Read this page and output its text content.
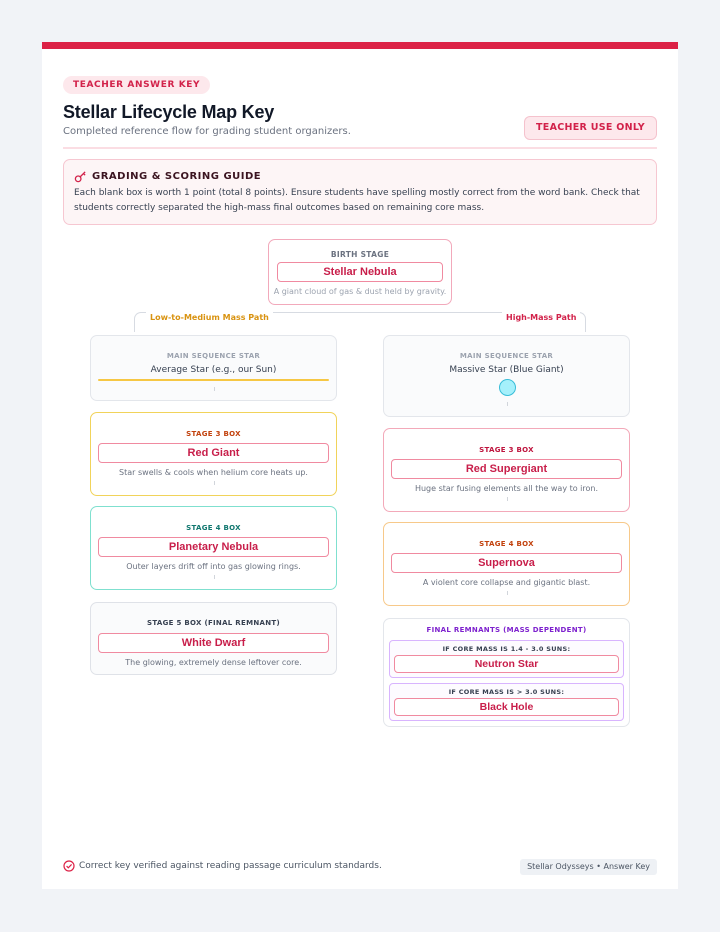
TEACHER ANSWER KEY
Stellar Lifecycle Map Key
Completed reference flow for grading student organizers.	TEACHER USE ONLY
GRADING & SCORING GUIDE
Each blank box is worth 1 point (total 8 points). Ensure students have spelling mostly correct from the word bank. Check that students correctly separated the high-mass final outcomes based on remaining core mass.
BIRTH STAGE
Stellar Nebula
A giant cloud of gas & dust held by gravity.
Low-to-Medium Mass Path	High-Mass Path
MAIN SEQUENCE STAR
Average Star (e.g., our Sun)
STAGE 3 BOX
Red Giant
Star swells & cools when helium core heats up.
STAGE 4 BOX
Planetary Nebula
Outer layers drift off into gas glowing rings.
STAGE 5 BOX (FINAL REMNANT)
White Dwarf
The glowing, extremely dense leftover core.
MAIN SEQUENCE STAR
Massive Star (Blue Giant)
STAGE 3 BOX
Red Supergiant
Huge star fusing elements all the way to iron.
STAGE 4 BOX
Supernova
A violent core collapse and gigantic blast.
FINAL REMNANTS (MASS DEPENDENT)
IF CORE MASS IS 1.4 - 3.0 SUNS:
Neutron Star
IF CORE MASS IS > 3.0 SUNS:
Black Hole
Correct key verified against reading passage curriculum standards.	Stellar Odysseys • Answer Key
